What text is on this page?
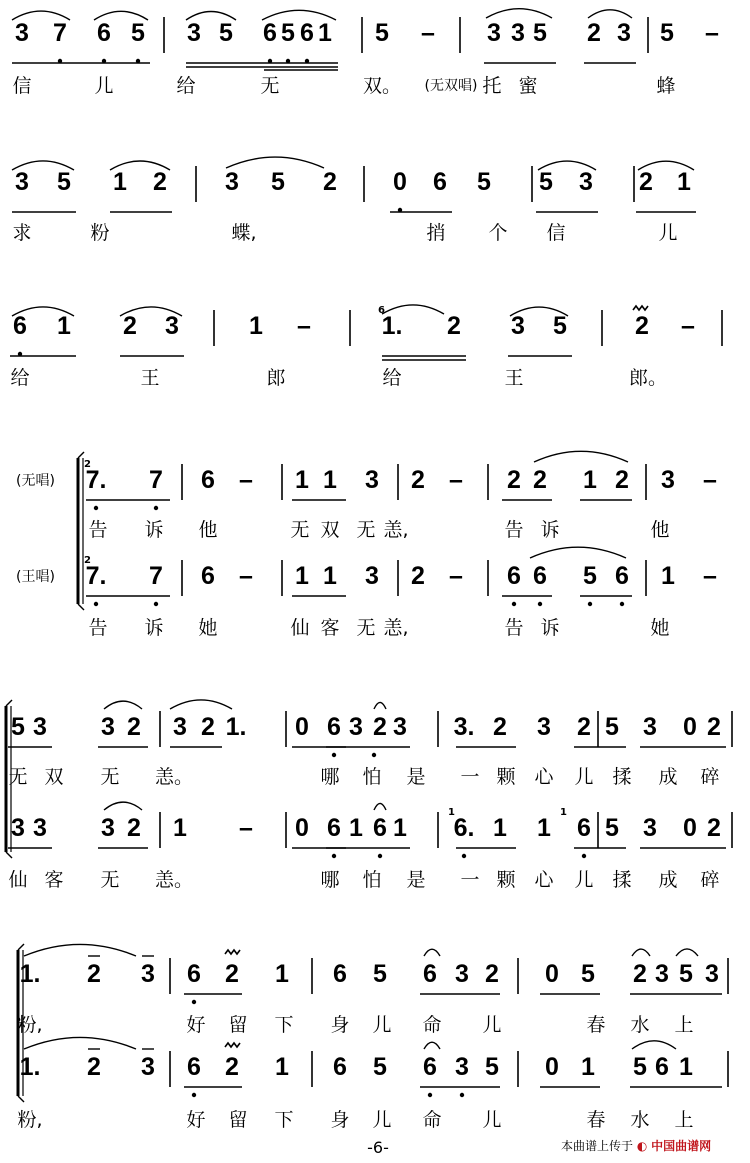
3 7 6 5 3 5 6 5 6 1 5 – 3 3 5 2 3 5 –
信	儿	给	无	双。 (无双唱) 托 蜜	蜂
3 5 1 2 3 5 2 0 6 5 5 3 2 1
求	粉	蝶,	捎 个 信	儿
6 1 2 3	1 –	1. 2 3 5	2 –
给	王	郎	给	王	郎。
6
(无唱)
2
7. 7 6 – 1 1 3 2 – 2 2 1 2 3 –
告 诉 他	无 双 无 恙,	告 诉	他
(王唱)
2
7. 7 6 – 1 1 3 2 – 6 6 5 6 1 –
告 诉 她	仙 客 无 恙,	告 诉	她
5 3 3 2 3 2 1. 0 6 3 2 3 3. 2 3 2 5 3 0 2
无 双 无 恙。	哪 怕 是 一 颗 心 儿 揉 成 碎
3 3 3 2 1 – 0 6 1 6 1 6. 1 1 6 5 3 0 2
仙 客 无 恙。	哪 怕 是 一 颗 心 儿 揉 成 碎
1	1
1. 2 3 6 2 1 6 5 6 3 2 0 5 2 3 5 3
粉,	好 留 下 身 儿 命 儿	春 水 上
1. 2 3 6 2 1 6 5 6 3 5 0 1 5 6 1
粉,	好 留 下 身 儿 命 儿	春 水 上
-6-	本曲谱上传于 ◐ 中国曲谱网
